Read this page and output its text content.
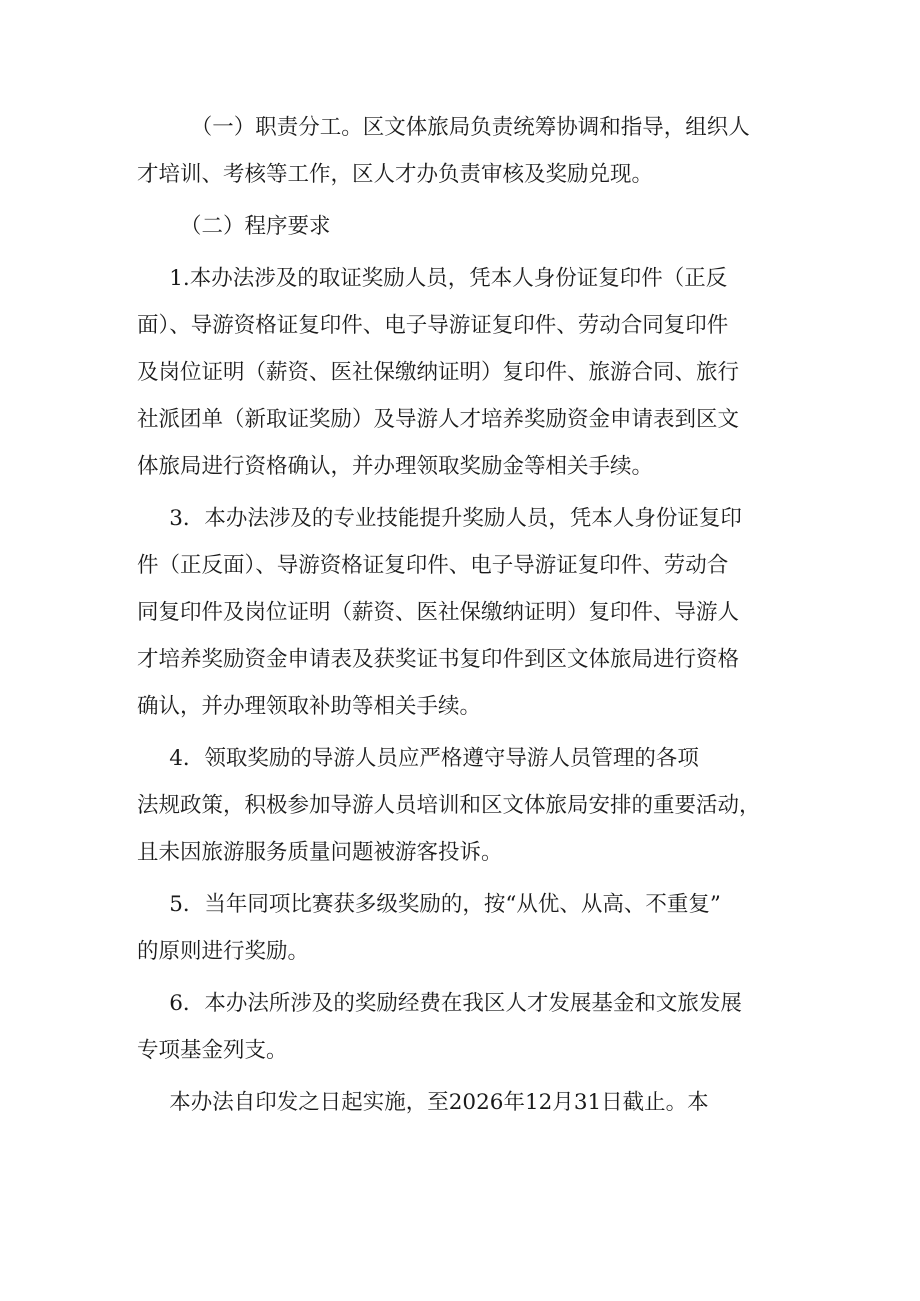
（一）职责分工。区文体旅局负责统筹协调和指导，组织人
才培训、考核等工作，区人才办负责审核及奖励兑现。

（二）程序要求

1.本办法涉及的取证奖励人员，凭本人身份证复印件（正反
面）、导游资格证复印件、电子导游证复印件、劳动合同复印件
及岗位证明（薪资、医社保缴纳证明）复印件、旅游合同、旅行
社派团单（新取证奖励）及导游人才培养奖励资金申请表到区文
体旅局进行资格确认，并办理领取奖励金等相关手续。

3．本办法涉及的专业技能提升奖励人员，凭本人身份证复印
件（正反面）、导游资格证复印件、电子导游证复印件、劳动合
同复印件及岗位证明（薪资、医社保缴纳证明）复印件、导游人
才培养奖励资金申请表及获奖证书复印件到区文体旅局进行资格
确认，并办理领取补助等相关手续。

4．领取奖励的导游人员应严格遵守导游人员管理的各项
法规政策，积极参加导游人员培训和区文体旅局安排的重要活动，
且未因旅游服务质量问题被游客投诉。

5．当年同项比赛获多级奖励的，按“从优、从高、不重复”
的原则进行奖励。

6．本办法所涉及的奖励经费在我区人才发展基金和文旅发展
专项基金列支。

本办法自印发之日起实施，至2026年12月31日截止。本
